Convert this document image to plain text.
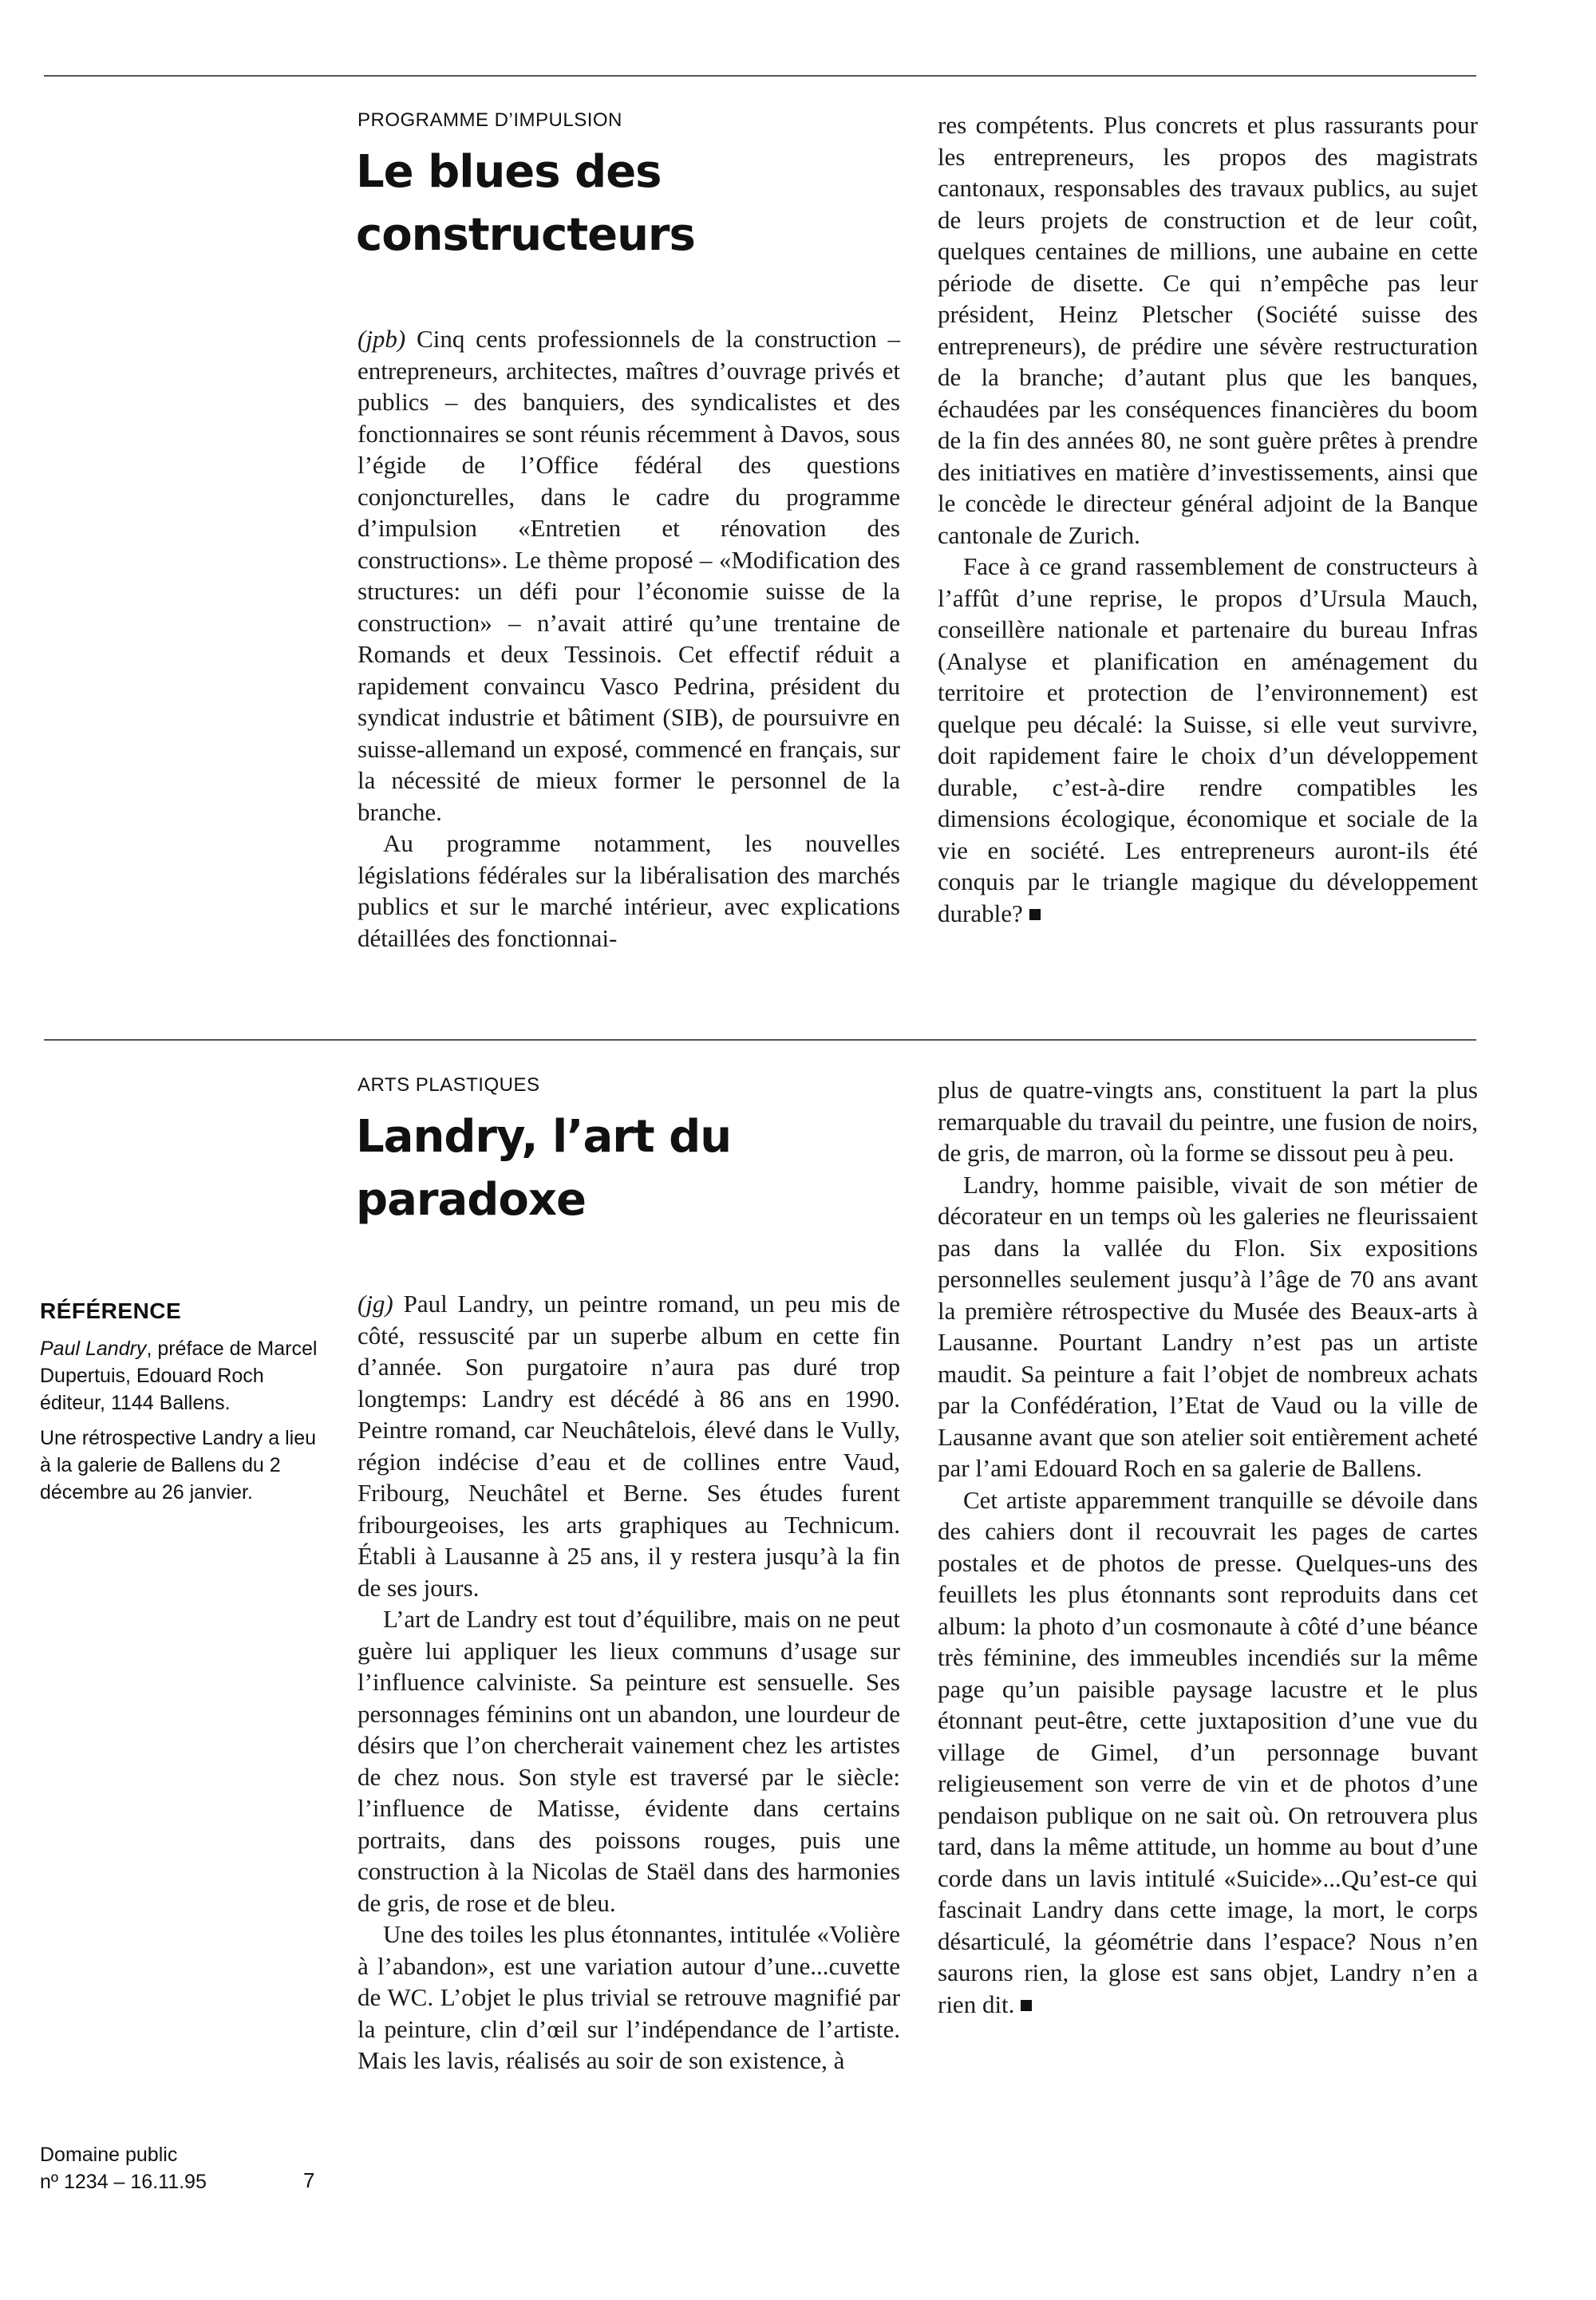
PROGRAMME D’IMPULSION
Le blues des
constructeurs

(jpb) Cinq cents professionnels de la construction – entrepreneurs, architectes, maîtres d’ouvrage privés et publics – des banquiers, des syndicalistes et des fonctionnaires se sont réunis récemment à Davos, sous l’égide de l’Office fédéral des questions conjoncturelles, dans le cadre du programme d’impulsion «Entretien et rénovation des constructions». Le thème proposé – «Modification des structures: un défi pour l’économie suisse de la construction» – n’avait attiré qu’une trentaine de Romands et deux Tessinois. Cet effectif réduit a rapidement convaincu Vasco Pedrina, président du syndicat industrie et bâtiment (SIB), de poursuivre en suisse-allemand un exposé, commencé en français, sur la nécessité de mieux former le personnel de la branche.

Au programme notamment, les nouvelles législations fédérales sur la libéralisation des marchés publics et sur le marché intérieur, avec explications détaillées des fonctionnai-

res compétents. Plus concrets et plus rassurants pour les entrepreneurs, les propos des magistrats cantonaux, responsables des travaux publics, au sujet de leurs projets de construction et de leur coût, quelques centaines de millions, une aubaine en cette période de disette. Ce qui n’empêche pas leur président, Heinz Pletscher (Société suisse des entrepreneurs), de prédire une sévère restructuration de la branche; d’autant plus que les banques, échaudées par les conséquences financières du boom de la fin des années 80, ne sont guère prêtes à prendre des initiatives en matière d’investissements, ainsi que le concède le directeur général adjoint de la Banque cantonale de Zurich.

Face à ce grand rassemblement de constructeurs à l’affût d’une reprise, le propos d’Ursula Mauch, conseillère nationale et partenaire du bureau Infras (Analyse et planification en aménagement du territoire et protection de l’environnement) est quelque peu décalé: la Suisse, si elle veut survivre, doit rapidement faire le choix d’un développement durable, c’est-à-dire rendre compatibles les dimensions écologique, économique et sociale de la vie en société. Les entrepreneurs auront-ils été conquis par le triangle magique du développement durable?

ARTS PLASTIQUES
Landry, l’art du
paradoxe

(jg) Paul Landry, un peintre romand, un peu mis de côté, ressuscité par un superbe album en cette fin d’année. Son purgatoire n’aura pas duré trop longtemps: Landry est décédé à 86 ans en 1990. Peintre romand, car Neuchâtelois, élevé dans le Vully, région indécise d’eau et de collines entre Vaud, Fribourg, Neuchâtel et Berne. Ses études furent fribourgeoises, les arts graphiques au Technicum. Établi à Lausanne à 25 ans, il y restera jusqu’à la fin de ses jours.

L’art de Landry est tout d’équilibre, mais on ne peut guère lui appliquer les lieux communs d’usage sur l’influence calviniste. Sa peinture est sensuelle. Ses personnages féminins ont un abandon, une lourdeur de désirs que l’on chercherait vainement chez les artistes de chez nous. Son style est traversé par le siècle: l’influence de Matisse, évidente dans certains portraits, dans des poissons rouges, puis une construction à la Nicolas de Staël dans des harmonies de gris, de rose et de bleu.

Une des toiles les plus étonnantes, intitulée «Volière à l’abandon», est une variation autour d’une...cuvette de WC. L’objet le plus trivial se retrouve magnifié par la peinture, clin d’œil sur l’indépendance de l’artiste. Mais les lavis, réalisés au soir de son existence, à

plus de quatre-vingts ans, constituent la part la plus remarquable du travail du peintre, une fusion de noirs, de gris, de marron, où la forme se dissout peu à peu.

Landry, homme paisible, vivait de son métier de décorateur en un temps où les galeries ne fleurissaient pas dans la vallée du Flon. Six expositions personnelles seulement jusqu’à l’âge de 70 ans avant la première rétrospective du Musée des Beaux-arts à Lausanne. Pourtant Landry n’est pas un artiste maudit. Sa peinture a fait l’objet de nombreux achats par la Confédération, l’Etat de Vaud ou la ville de Lausanne avant que son atelier soit entièrement acheté par l’ami Edouard Roch en sa galerie de Ballens.

Cet artiste apparemment tranquille se dévoile dans des cahiers dont il recouvrait les pages de cartes postales et de photos de presse. Quelques-uns des feuillets les plus étonnants sont reproduits dans cet album: la photo d’un cosmonaute à côté d’une béance très féminine, des immeubles incendiés sur la même page qu’un paisible paysage lacustre et le plus étonnant peut-être, cette juxtaposition d’une vue du village de Gimel, d’un personnage buvant religieusement son verre de vin et de photos d’une pendaison publique on ne sait où. On retrouvera plus tard, dans la même attitude, un homme au bout d’une corde dans un lavis intitulé «Suicide»...Qu’est-ce qui fascinait Landry dans cette image, la mort, le corps désarticulé, la géométrie dans l’espace? Nous n’en saurons rien, la glose est sans objet, Landry n’en a rien dit.

RÉFÉRENCE

Paul Landry, préface de Marcel Dupertuis, Edouard Roch éditeur, 1144 Ballens.

Une rétrospective Landry a lieu à la galerie de Ballens du 2 décembre au 26 janvier.

Domaine public
nº 1234 – 16.11.95	7
